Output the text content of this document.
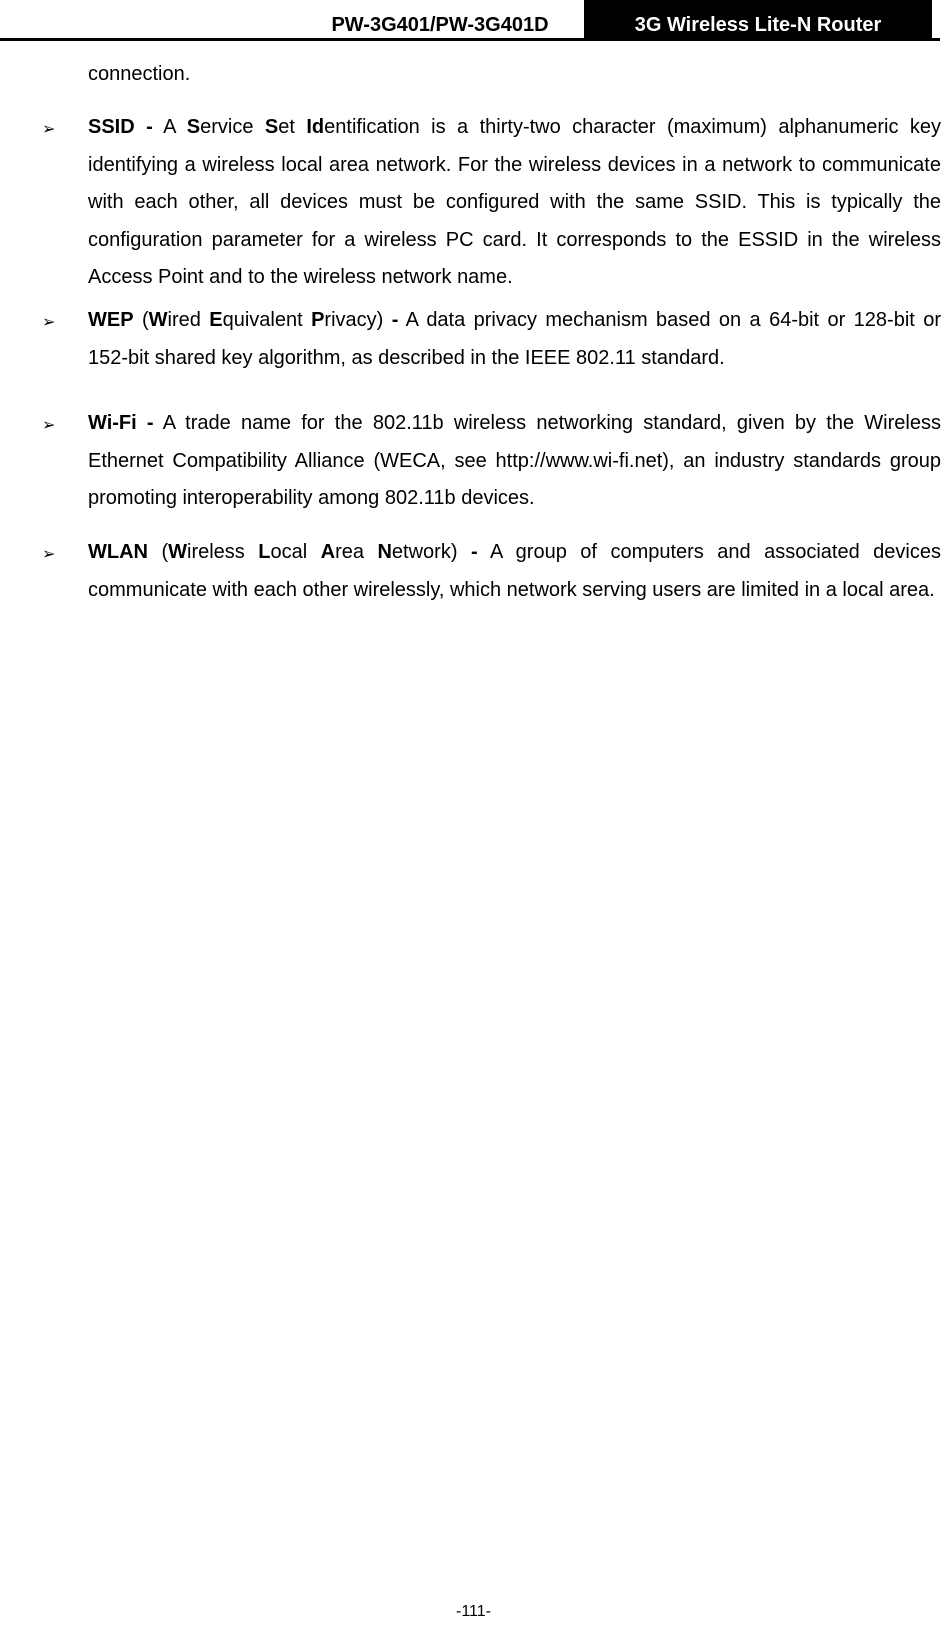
PW-3G401/PW-3G401D	3G Wireless Lite-N Router
connection.
➢	SSID - A Service Set Identification is a thirty-two character (maximum) alphanumeric key identifying a wireless local area network. For the wireless devices in a network to communicate with each other, all devices must be configured with the same SSID. This is typically the configuration parameter for a wireless PC card. It corresponds to the ESSID in the wireless Access Point and to the wireless network name.
➢	WEP (Wired Equivalent Privacy) - A data privacy mechanism based on a 64-bit or 128-bit or 152-bit shared key algorithm, as described in the IEEE 802.11 standard.
➢	Wi-Fi - A trade name for the 802.11b wireless networking standard, given by the Wireless Ethernet Compatibility Alliance (WECA, see http://www.wi-fi.net), an industry standards group promoting interoperability among 802.11b devices.
➢	WLAN (Wireless Local Area Network) - A group of computers and associated devices communicate with each other wirelessly, which network serving users are limited in a local area.
-111-
